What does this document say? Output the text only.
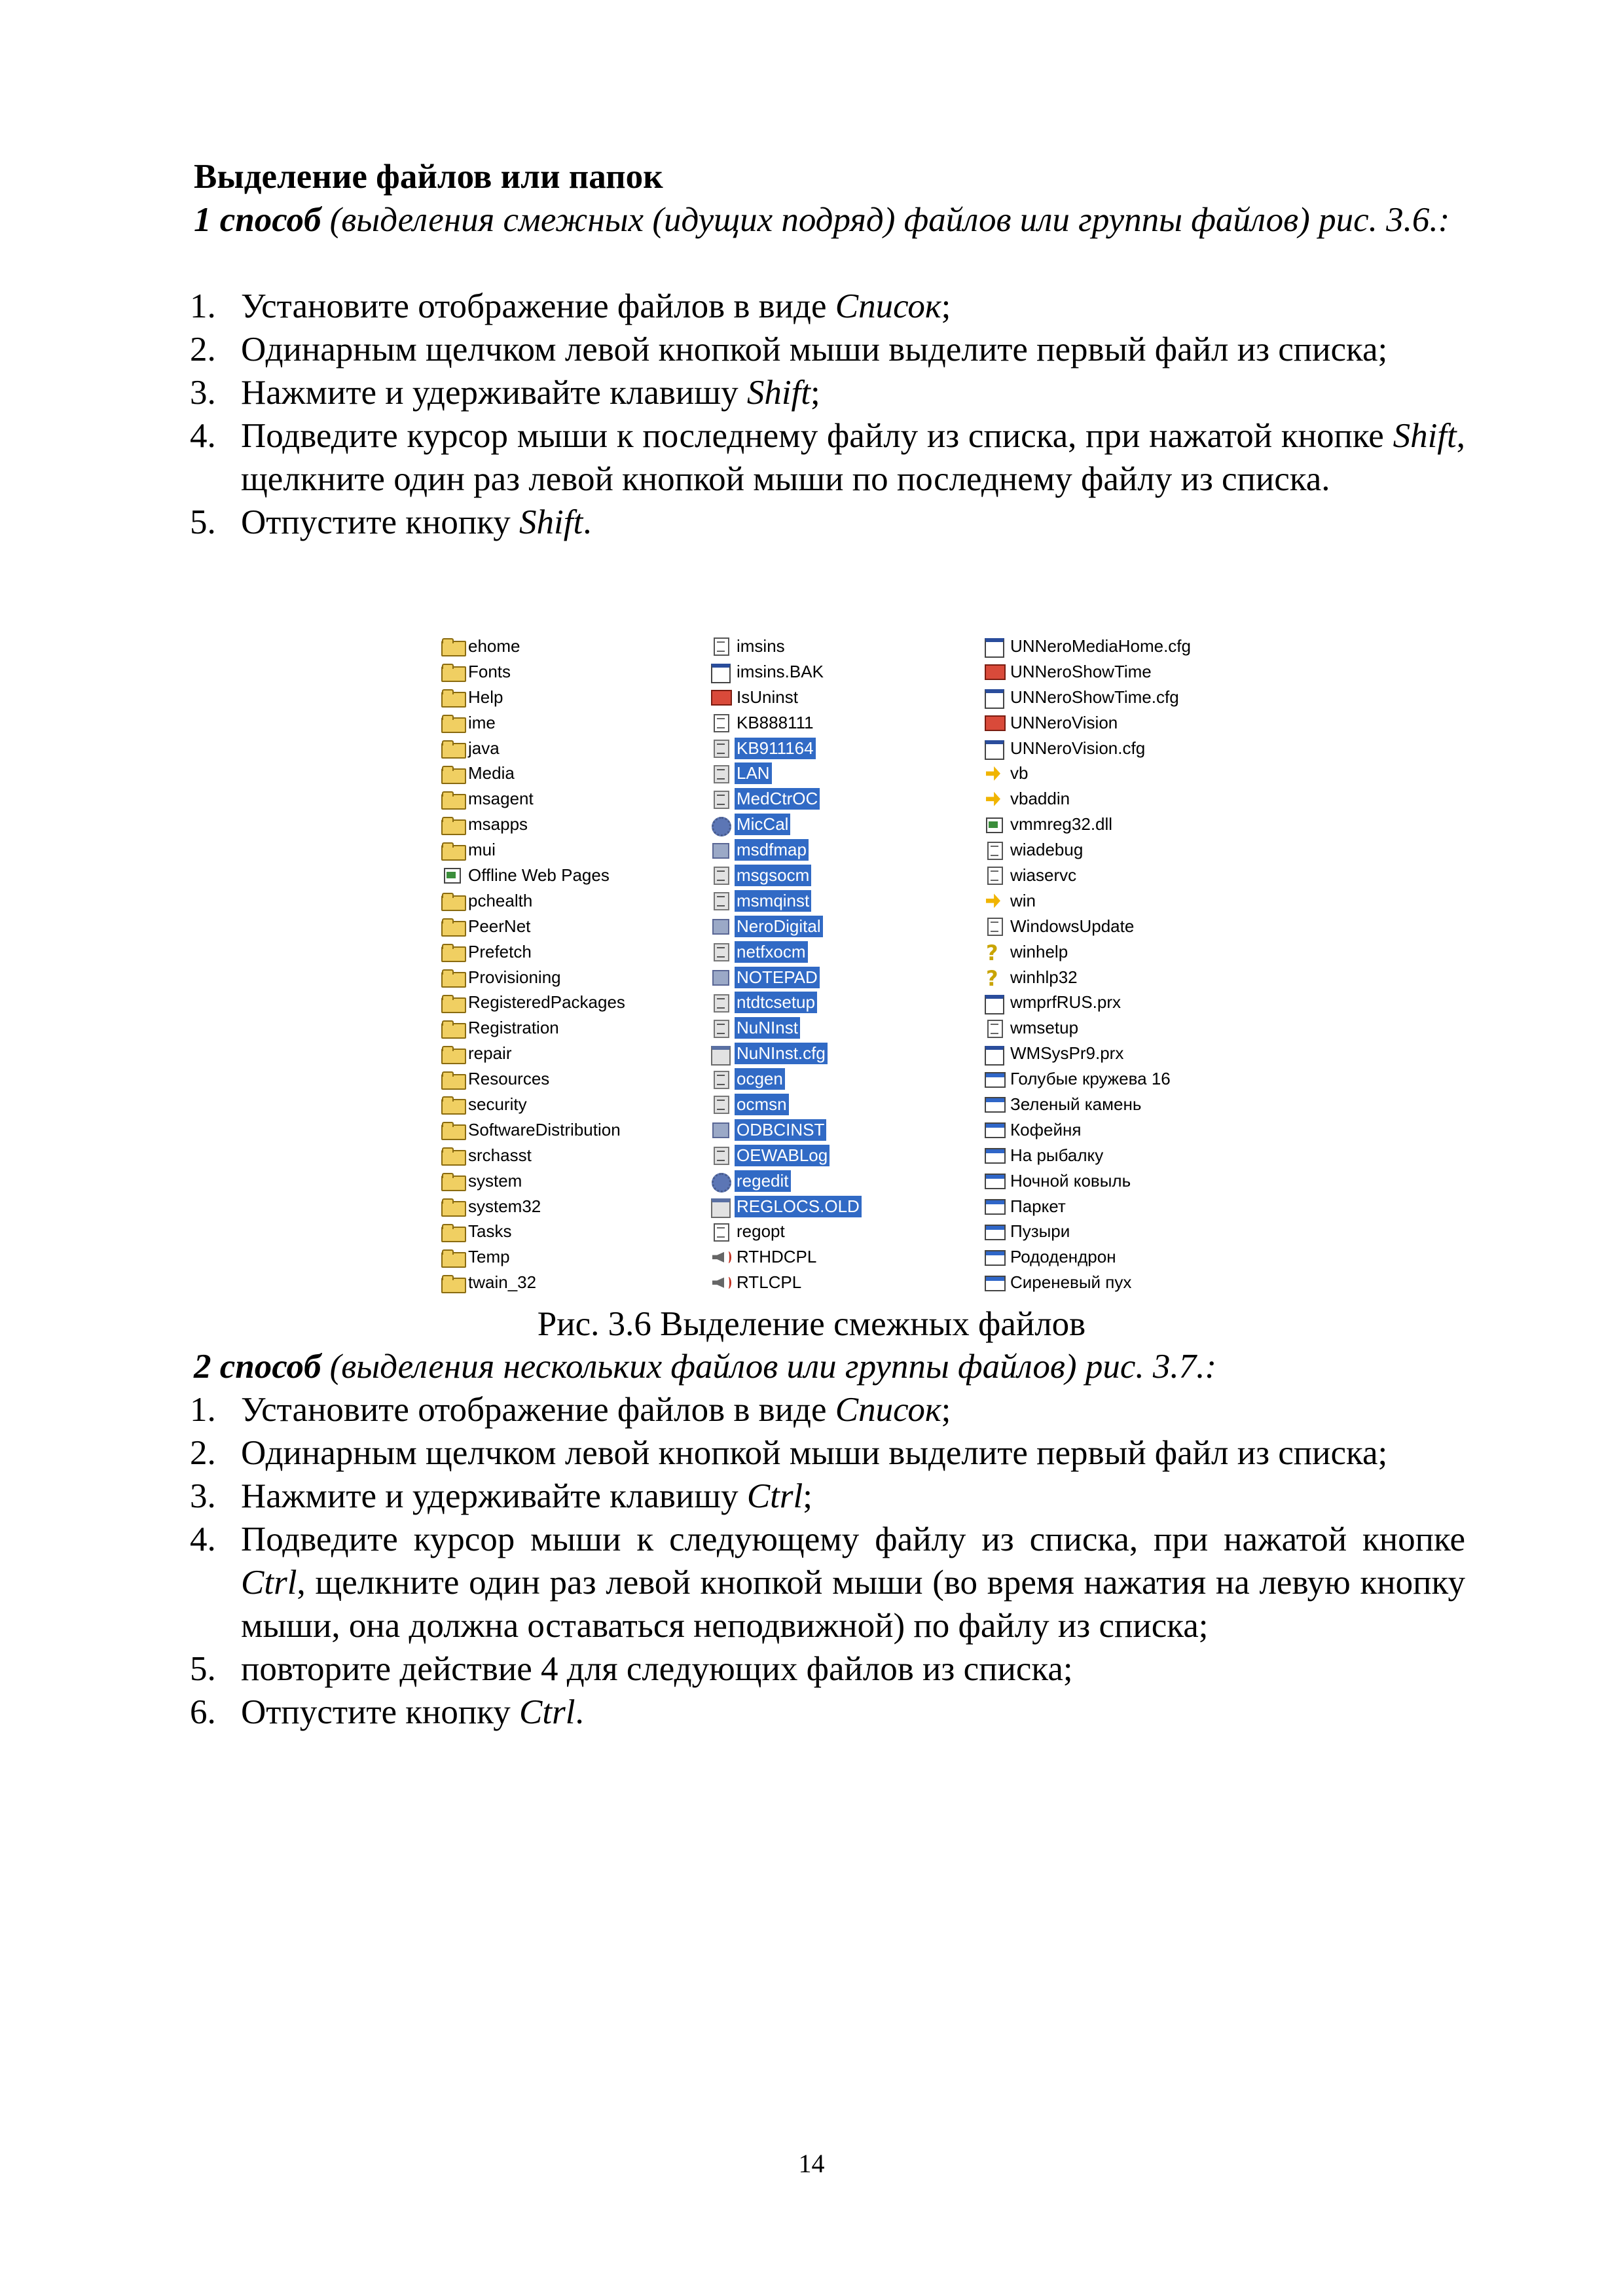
Выделение файлов или папок
1 способ (выделения смежных (идущих подряд) файлов или группы файлов) рис. 3.6.:
1. Установите отображение файлов в виде Список;
2. Одинарным щелчком левой кнопкой мыши выделите первый файл из списка;
3. Нажмите и удерживайте клавишу Shift;
4. Подведите курсор мыши к последнему файлу из списка, при нажатой кнопке Shift, щелкните один раз левой кнопкой мыши по последнему файлу из списка.
5. Отпустите кнопку Shift.
ehome
Fonts
Help
ime
java
Media
msagent
msapps
mui
Offline Web Pages
pchealth
PeerNet
Prefetch
Provisioning
RegisteredPackages
Registration
repair
Resources
security
SoftwareDistribution
srchasst
system
system32
Tasks
Temp
twain_32
imsins
imsins.BAK
IsUninst
KB888111
KB911164
LAN
MedCtrOC
MicCal
msdfmap
msgsocm
msmqinst
NeroDigital
netfxocm
NOTEPAD
ntdtcsetup
NuNInst
NuNInst.cfg
ocgen
ocmsn
ODBCINST
OEWABLog
regedit
REGLOCS.OLD
regopt
RTHDCPL
RTLCPL
UNNeroMediaHome.cfg
UNNeroShowTime
UNNeroShowTime.cfg
UNNeroVision
UNNeroVision.cfg
vb
vbaddin
vmmreg32.dll
wiadebug
wiaservc
win
WindowsUpdate
?
winhelp
?
winhlp32
wmprfRUS.prx
wmsetup
WMSysPr9.prx
Голубые кружева 16
Зеленый камень
Кофейня
На рыбалку
Ночной ковыль
Паркет
Пузыри
Рододендрон
Сиреневый пух
Рис. 3.6 Выделение смежных файлов
2 способ (выделения нескольких файлов или группы файлов) рис. 3.7.:
1. Установите отображение файлов в виде Список;
2. Одинарным щелчком левой кнопкой мыши выделите первый файл из списка;
3. Нажмите и удерживайте клавишу Ctrl;
4. Подведите курсор мыши к следующему файлу из списка, при нажатой кнопке Ctrl, щелкните один раз левой кнопкой мыши (во время нажатия на левую кнопку мыши, она должна оставаться неподвижной) по файлу из списка;
5. повторите действие 4 для следующих файлов из списка;
6. Отпустите кнопку Ctrl.
14
